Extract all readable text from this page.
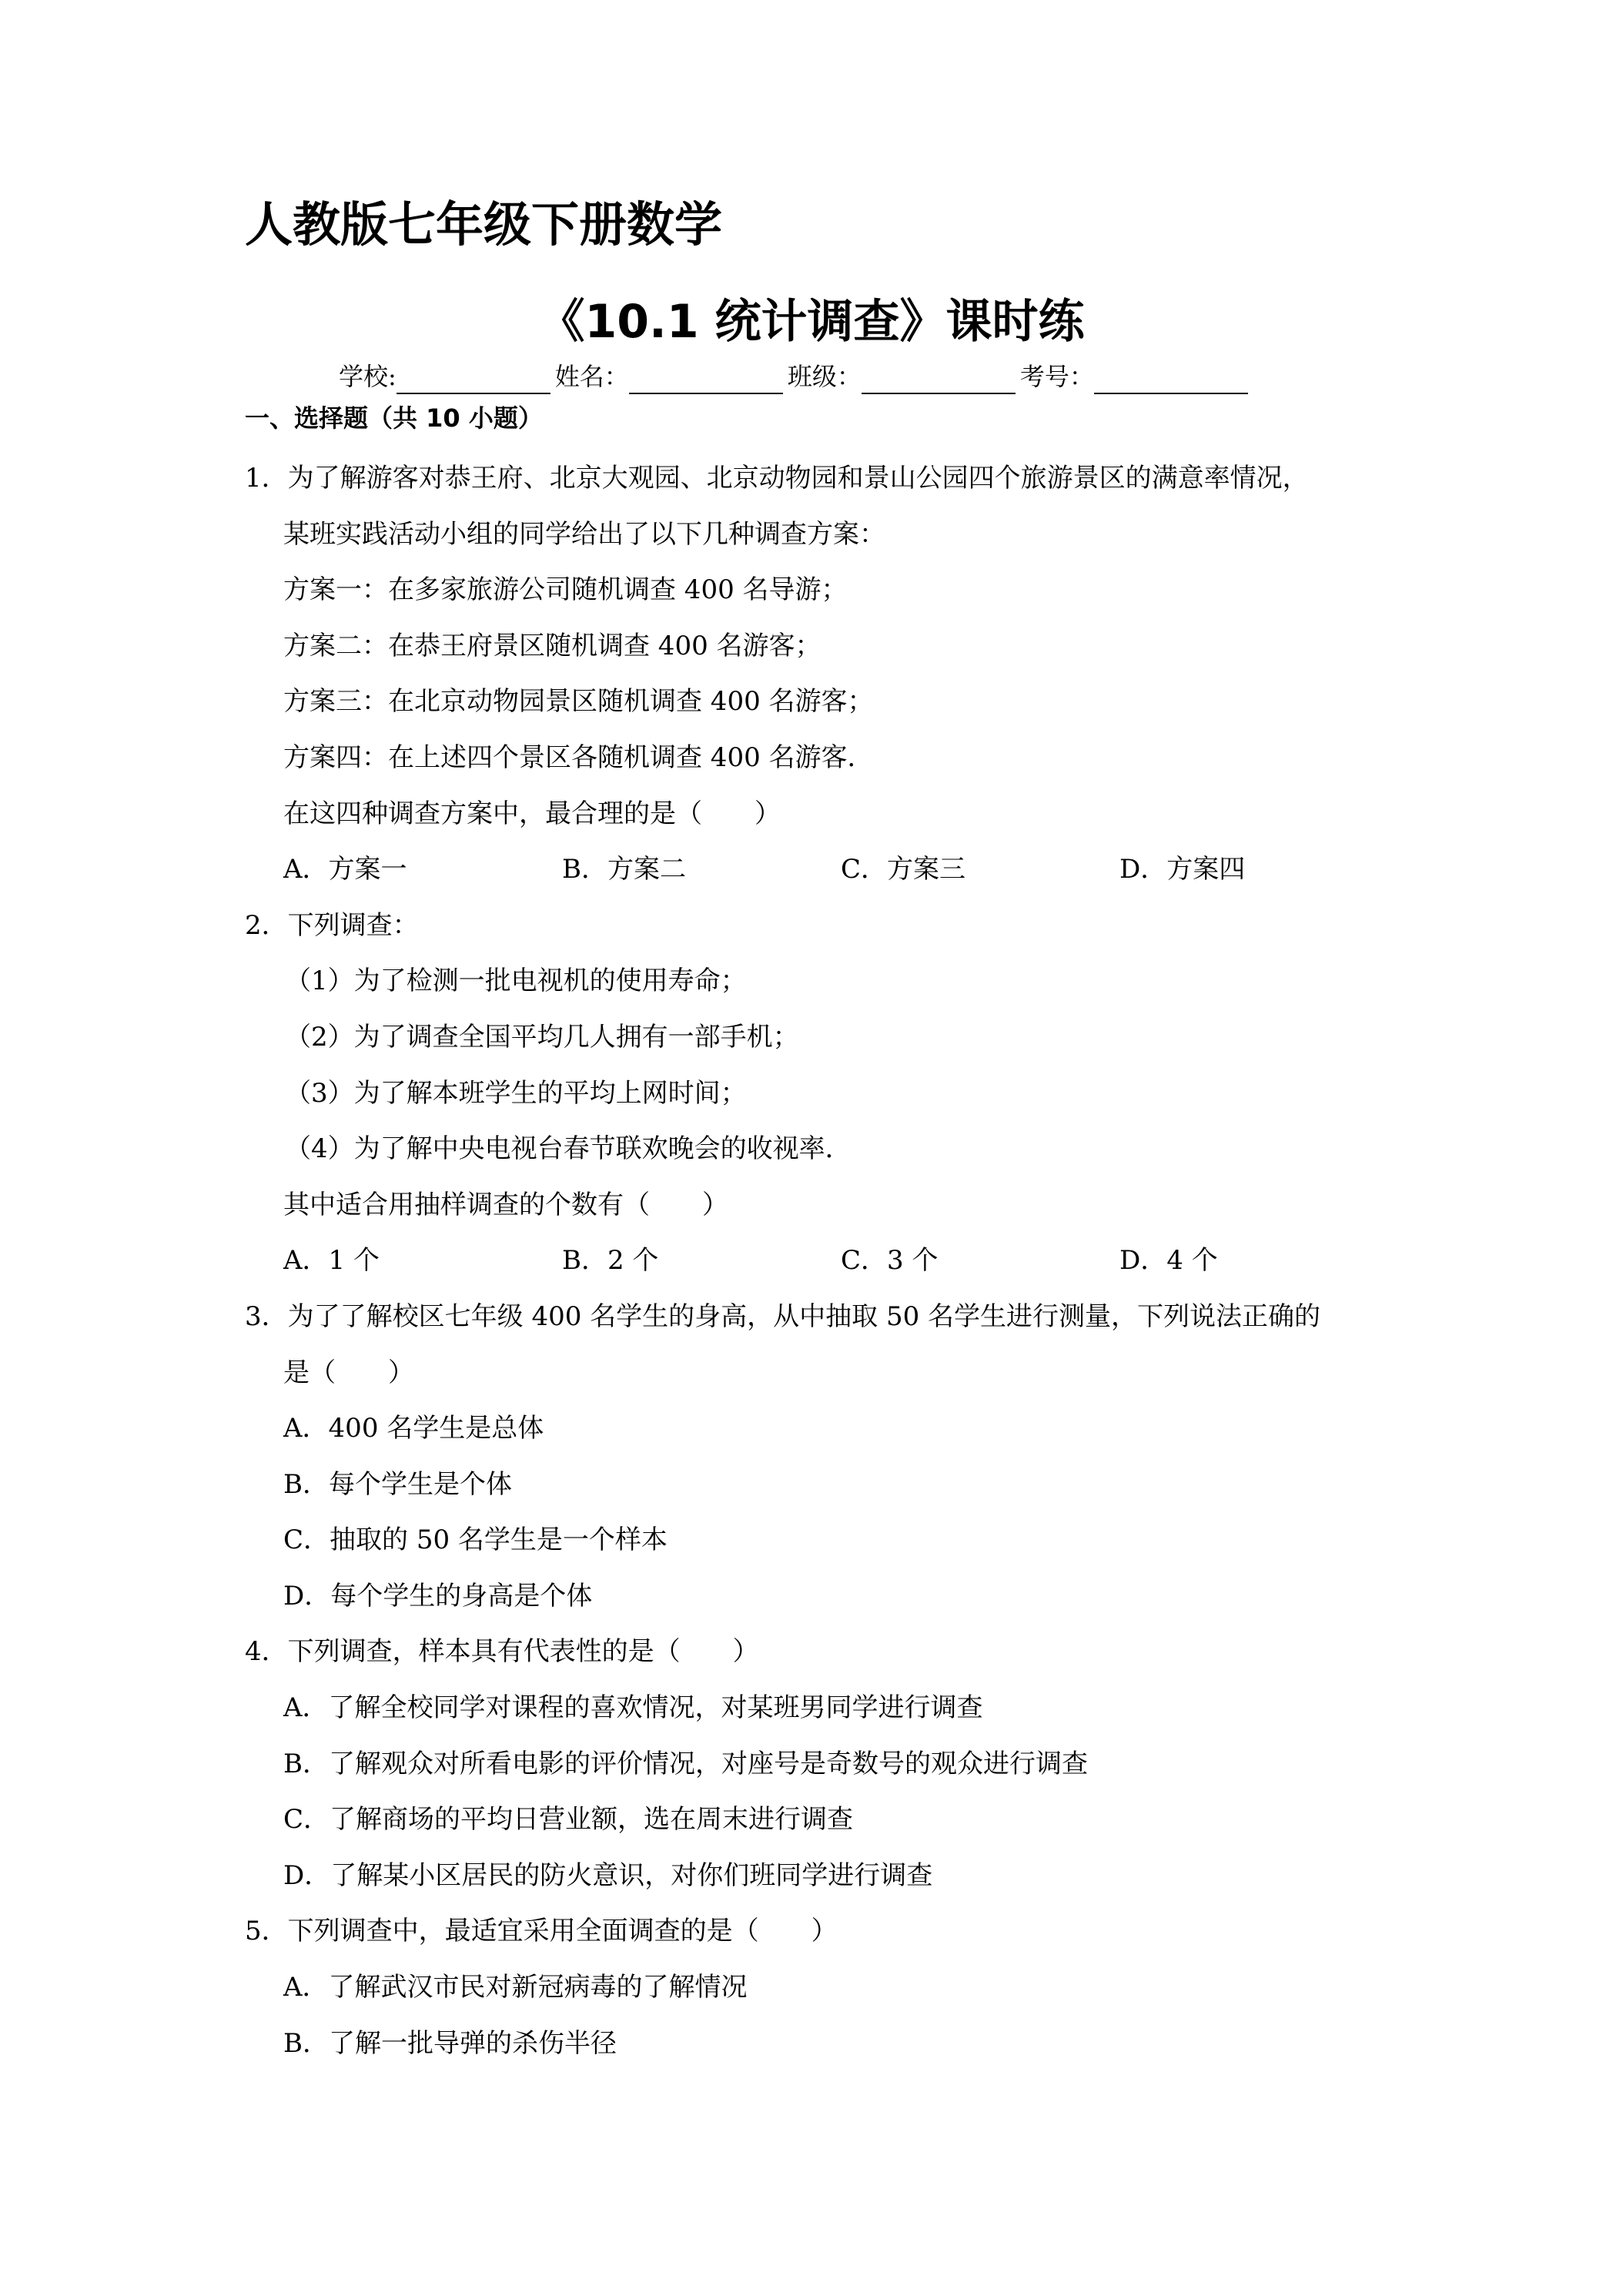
人教版七年级下册数学
《10.1 统计调查》课时练
学校:	姓名：	班级：	考号：
一、选择题（共 10 小题）
1．为了解游客对恭王府、北京大观园、北京动物园和景山公园四个旅游景区的满意率情况，
某班实践活动小组的同学给出了以下几种调查方案：
方案一：在多家旅游公司随机调查 400 名导游；
方案二：在恭王府景区随机调查 400 名游客；
方案三：在北京动物园景区随机调查 400 名游客；
方案四：在上述四个景区各随机调查 400 名游客．
在这四种调查方案中，最合理的是（　　）
A．方案一	B．方案二	C．方案三	D．方案四
2．下列调查：
（1）为了检测一批电视机的使用寿命；
（2）为了调查全国平均几人拥有一部手机；
（3）为了解本班学生的平均上网时间；
（4）为了解中央电视台春节联欢晚会的收视率．
其中适合用抽样调查的个数有（　　）
A．1 个	B．2 个	C．3 个	D．4 个
3．为了了解校区七年级 400 名学生的身高，从中抽取 50 名学生进行测量，下列说法正确的
是（　　）
A．400 名学生是总体
B．每个学生是个体
C．抽取的 50 名学生是一个样本
D．每个学生的身高是个体
4．下列调查，样本具有代表性的是（　　）
A．了解全校同学对课程的喜欢情况，对某班男同学进行调查
B．了解观众对所看电影的评价情况，对座号是奇数号的观众进行调查
C．了解商场的平均日营业额，选在周末进行调查
D．了解某小区居民的防火意识，对你们班同学进行调查
5．下列调查中，最适宜采用全面调查的是（　　）
A．了解武汉市民对新冠病毒的了解情况
B．了解一批导弹的杀伤半径
